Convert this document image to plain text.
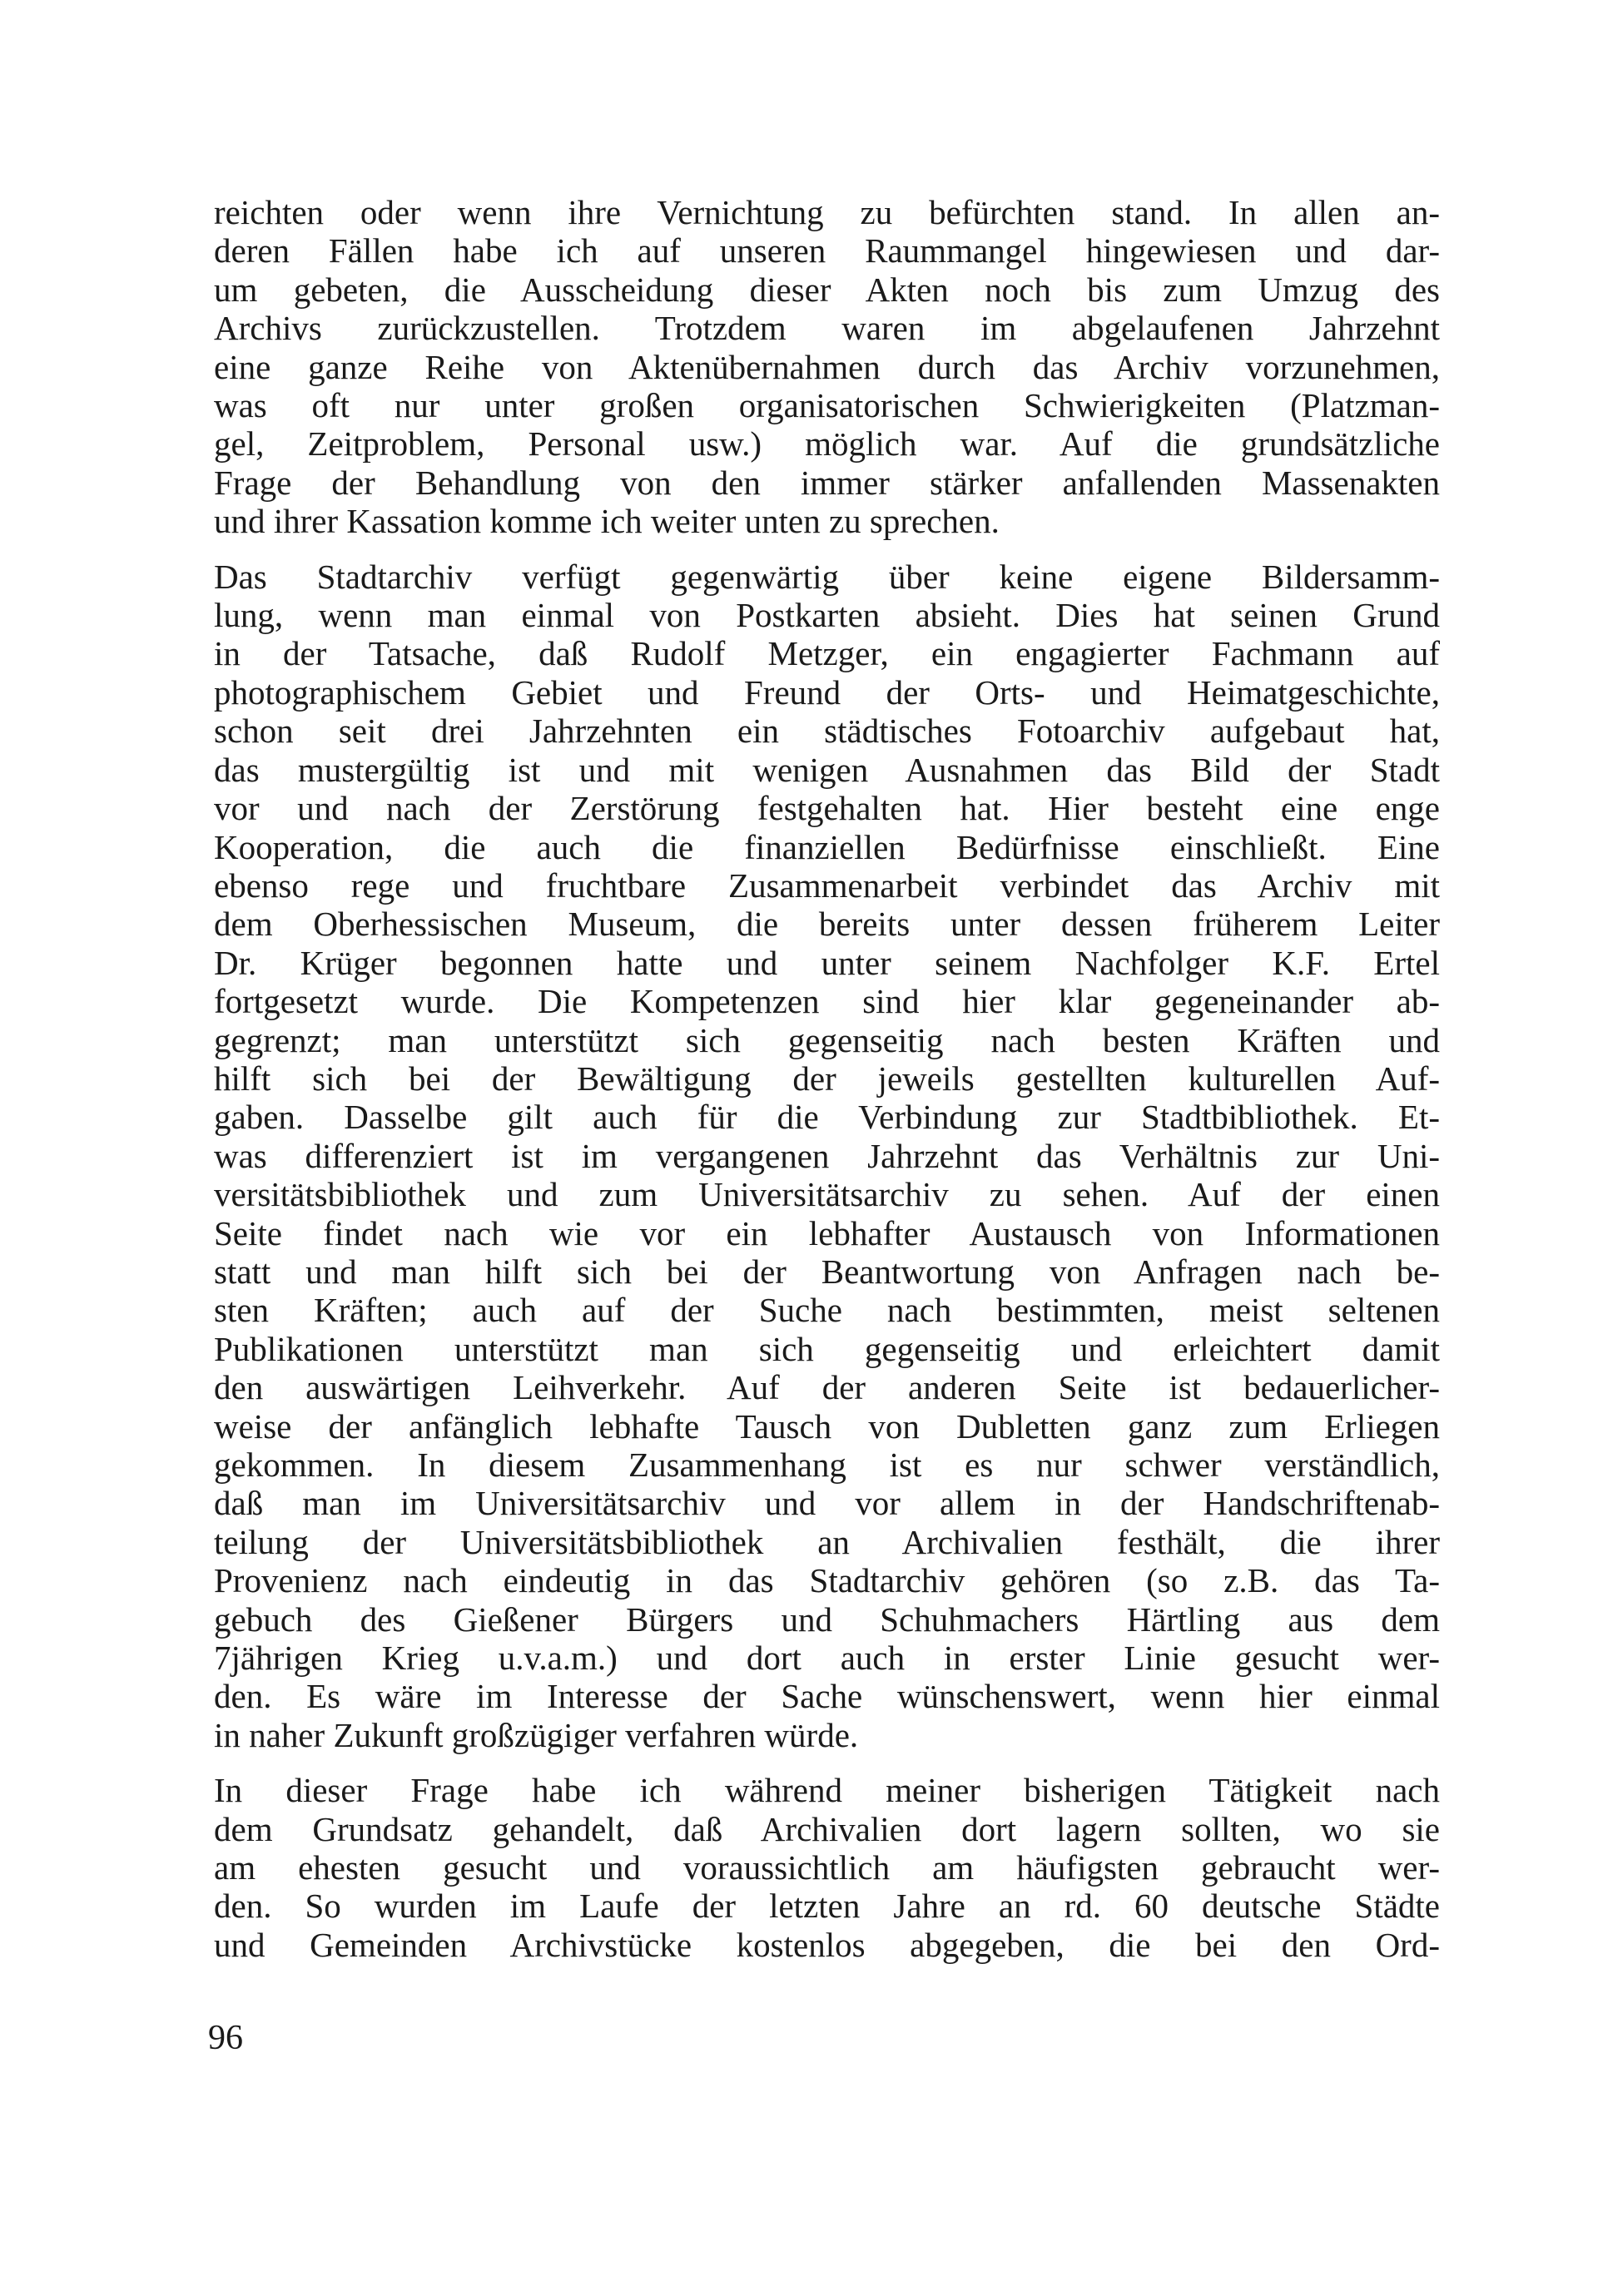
reichten oder wenn ihre Vernichtung zu befürchten stand. In allen an-
deren Fällen habe ich auf unseren Raummangel hingewiesen und dar-
um gebeten, die Ausscheidung dieser Akten noch bis zum Umzug des
Archivs zurückzustellen. Trotzdem waren im abgelaufenen Jahrzehnt
eine ganze Reihe von Aktenübernahmen durch das Archiv vorzunehmen,
was oft nur unter großen organisatorischen Schwierigkeiten (Platzman-
gel, Zeitproblem, Personal usw.) möglich war. Auf die grundsätzliche
Frage der Behandlung von den immer stärker anfallenden Massenakten
und ihrer Kassation komme ich weiter unten zu sprechen.
Das Stadtarchiv verfügt gegenwärtig über keine eigene Bildersamm-
lung, wenn man einmal von Postkarten absieht. Dies hat seinen Grund
in der Tatsache, daß Rudolf Metzger, ein engagierter Fachmann auf
photographischem Gebiet und Freund der Orts- und Heimatgeschichte,
schon seit drei Jahrzehnten ein städtisches Fotoarchiv aufgebaut hat,
das mustergültig ist und mit wenigen Ausnahmen das Bild der Stadt
vor und nach der Zerstörung festgehalten hat. Hier besteht eine enge
Kooperation, die auch die finanziellen Bedürfnisse einschließt. Eine
ebenso rege und fruchtbare Zusammenarbeit verbindet das Archiv mit
dem Oberhessischen Museum, die bereits unter dessen früherem Leiter
Dr. Krüger begonnen hatte und unter seinem Nachfolger K.F. Ertel
fortgesetzt wurde. Die Kompetenzen sind hier klar gegeneinander ab-
gegrenzt; man unterstützt sich gegenseitig nach besten Kräften und
hilft sich bei der Bewältigung der jeweils gestellten kulturellen Auf-
gaben. Dasselbe gilt auch für die Verbindung zur Stadtbibliothek. Et-
was differenziert ist im vergangenen Jahrzehnt das Verhältnis zur Uni-
versitätsbibliothek und zum Universitätsarchiv zu sehen. Auf der einen
Seite findet nach wie vor ein lebhafter Austausch von Informationen
statt und man hilft sich bei der Beantwortung von Anfragen nach be-
sten Kräften; auch auf der Suche nach bestimmten, meist seltenen
Publikationen unterstützt man sich gegenseitig und erleichtert damit
den auswärtigen Leihverkehr. Auf der anderen Seite ist bedauerlicher-
weise der anfänglich lebhafte Tausch von Dubletten ganz zum Erliegen
gekommen. In diesem Zusammenhang ist es nur schwer verständlich,
daß man im Universitätsarchiv und vor allem in der Handschriftenab-
teilung der Universitätsbibliothek an Archivalien festhält, die ihrer
Provenienz nach eindeutig in das Stadtarchiv gehören (so z.B. das Ta-
gebuch des Gießener Bürgers und Schuhmachers Härtling aus dem
7jährigen Krieg u.v.a.m.) und dort auch in erster Linie gesucht wer-
den. Es wäre im Interesse der Sache wünschenswert, wenn hier einmal
in naher Zukunft großzügiger verfahren würde.
In dieser Frage habe ich während meiner bisherigen Tätigkeit nach
dem Grundsatz gehandelt, daß Archivalien dort lagern sollten, wo sie
am ehesten gesucht und voraussichtlich am häufigsten gebraucht wer-
den. So wurden im Laufe der letzten Jahre an rd. 60 deutsche Städte
und Gemeinden Archivstücke kostenlos abgegeben, die bei den Ord-
96
